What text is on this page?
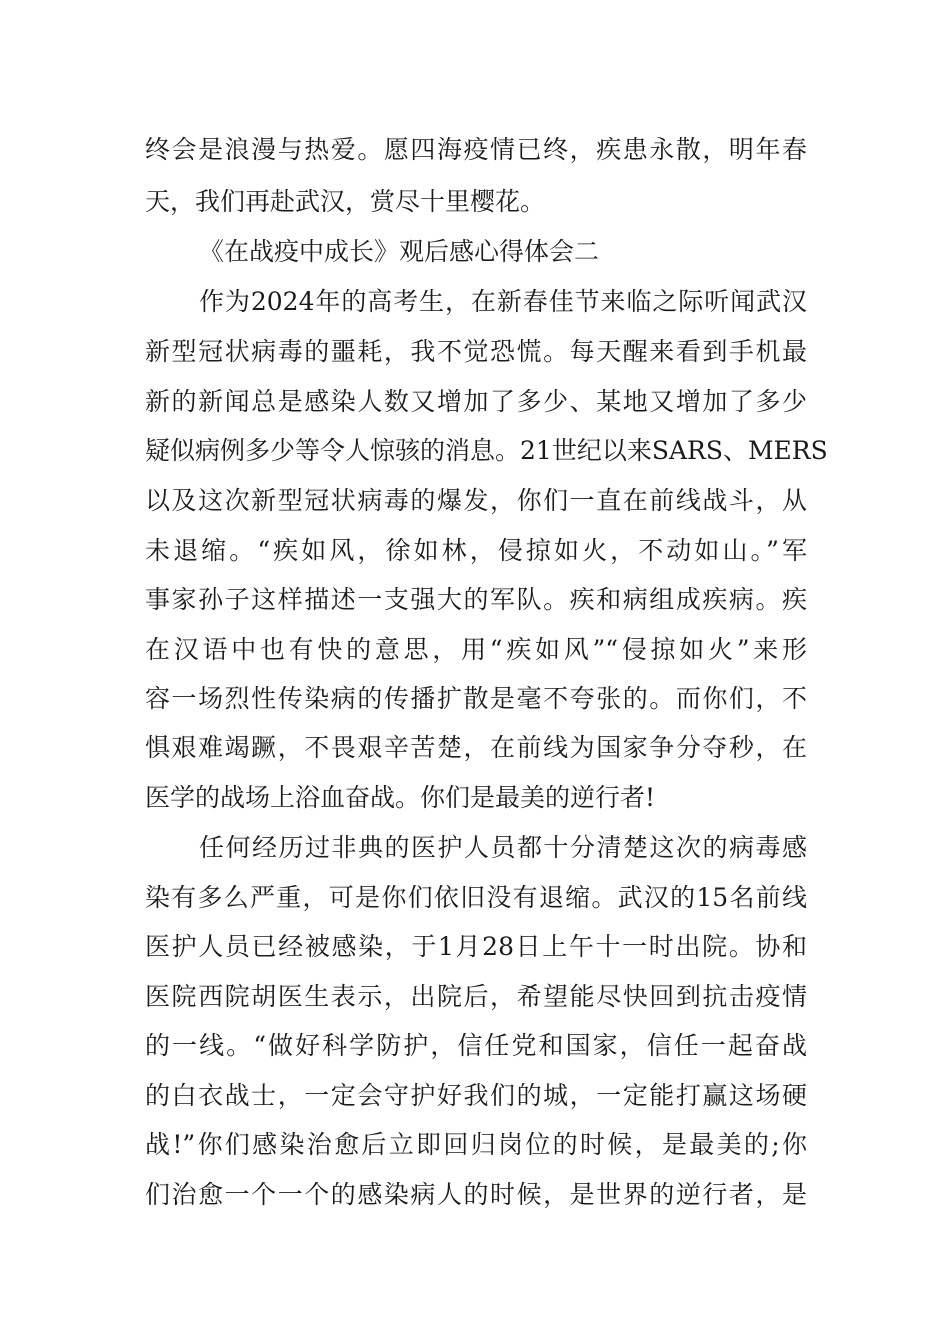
终会是浪漫与热爱。愿四海疫情已终，疾患永散，明年春
天，我们再赴武汉，赏尽十里樱花。
《在战疫中成长》观后感心得体会二
作为2024年的高考生，在新春佳节来临之际听闻武汉
新型冠状病毒的噩耗，我不觉恐慌。每天醒来看到手机最
新的新闻总是感染人数又增加了多少、某地又增加了多少
疑似病例多少等令人惊骇的消息。21世纪以来SARS、MERS
以及这次新型冠状病毒的爆发，你们一直在前线战斗，从
未退缩。“疾如风，徐如林，侵掠如火，不动如山。”军
事家孙子这样描述一支强大的军队。疾和病组成疾病。疾
在汉语中也有快的意思，用“疾如风”“侵掠如火”来形
容一场烈性传染病的传播扩散是毫不夸张的。而你们，不
惧艰难竭蹶，不畏艰辛苦楚，在前线为国家争分夺秒，在
医学的战场上浴血奋战。你们是最美的逆行者!
任何经历过非典的医护人员都十分清楚这次的病毒感
染有多么严重，可是你们依旧没有退缩。武汉的15名前线
医护人员已经被感染，于1月28日上午十一时出院。协和
医院西院胡医生表示，出院后，希望能尽快回到抗击疫情
的一线。“做好科学防护，信任党和国家，信任一起奋战
的白衣战士，一定会守护好我们的城，一定能打赢这场硬
战!”你们感染治愈后立即回归岗位的时候，是最美的;你
们治愈一个一个的感染病人的时候，是世界的逆行者，是
